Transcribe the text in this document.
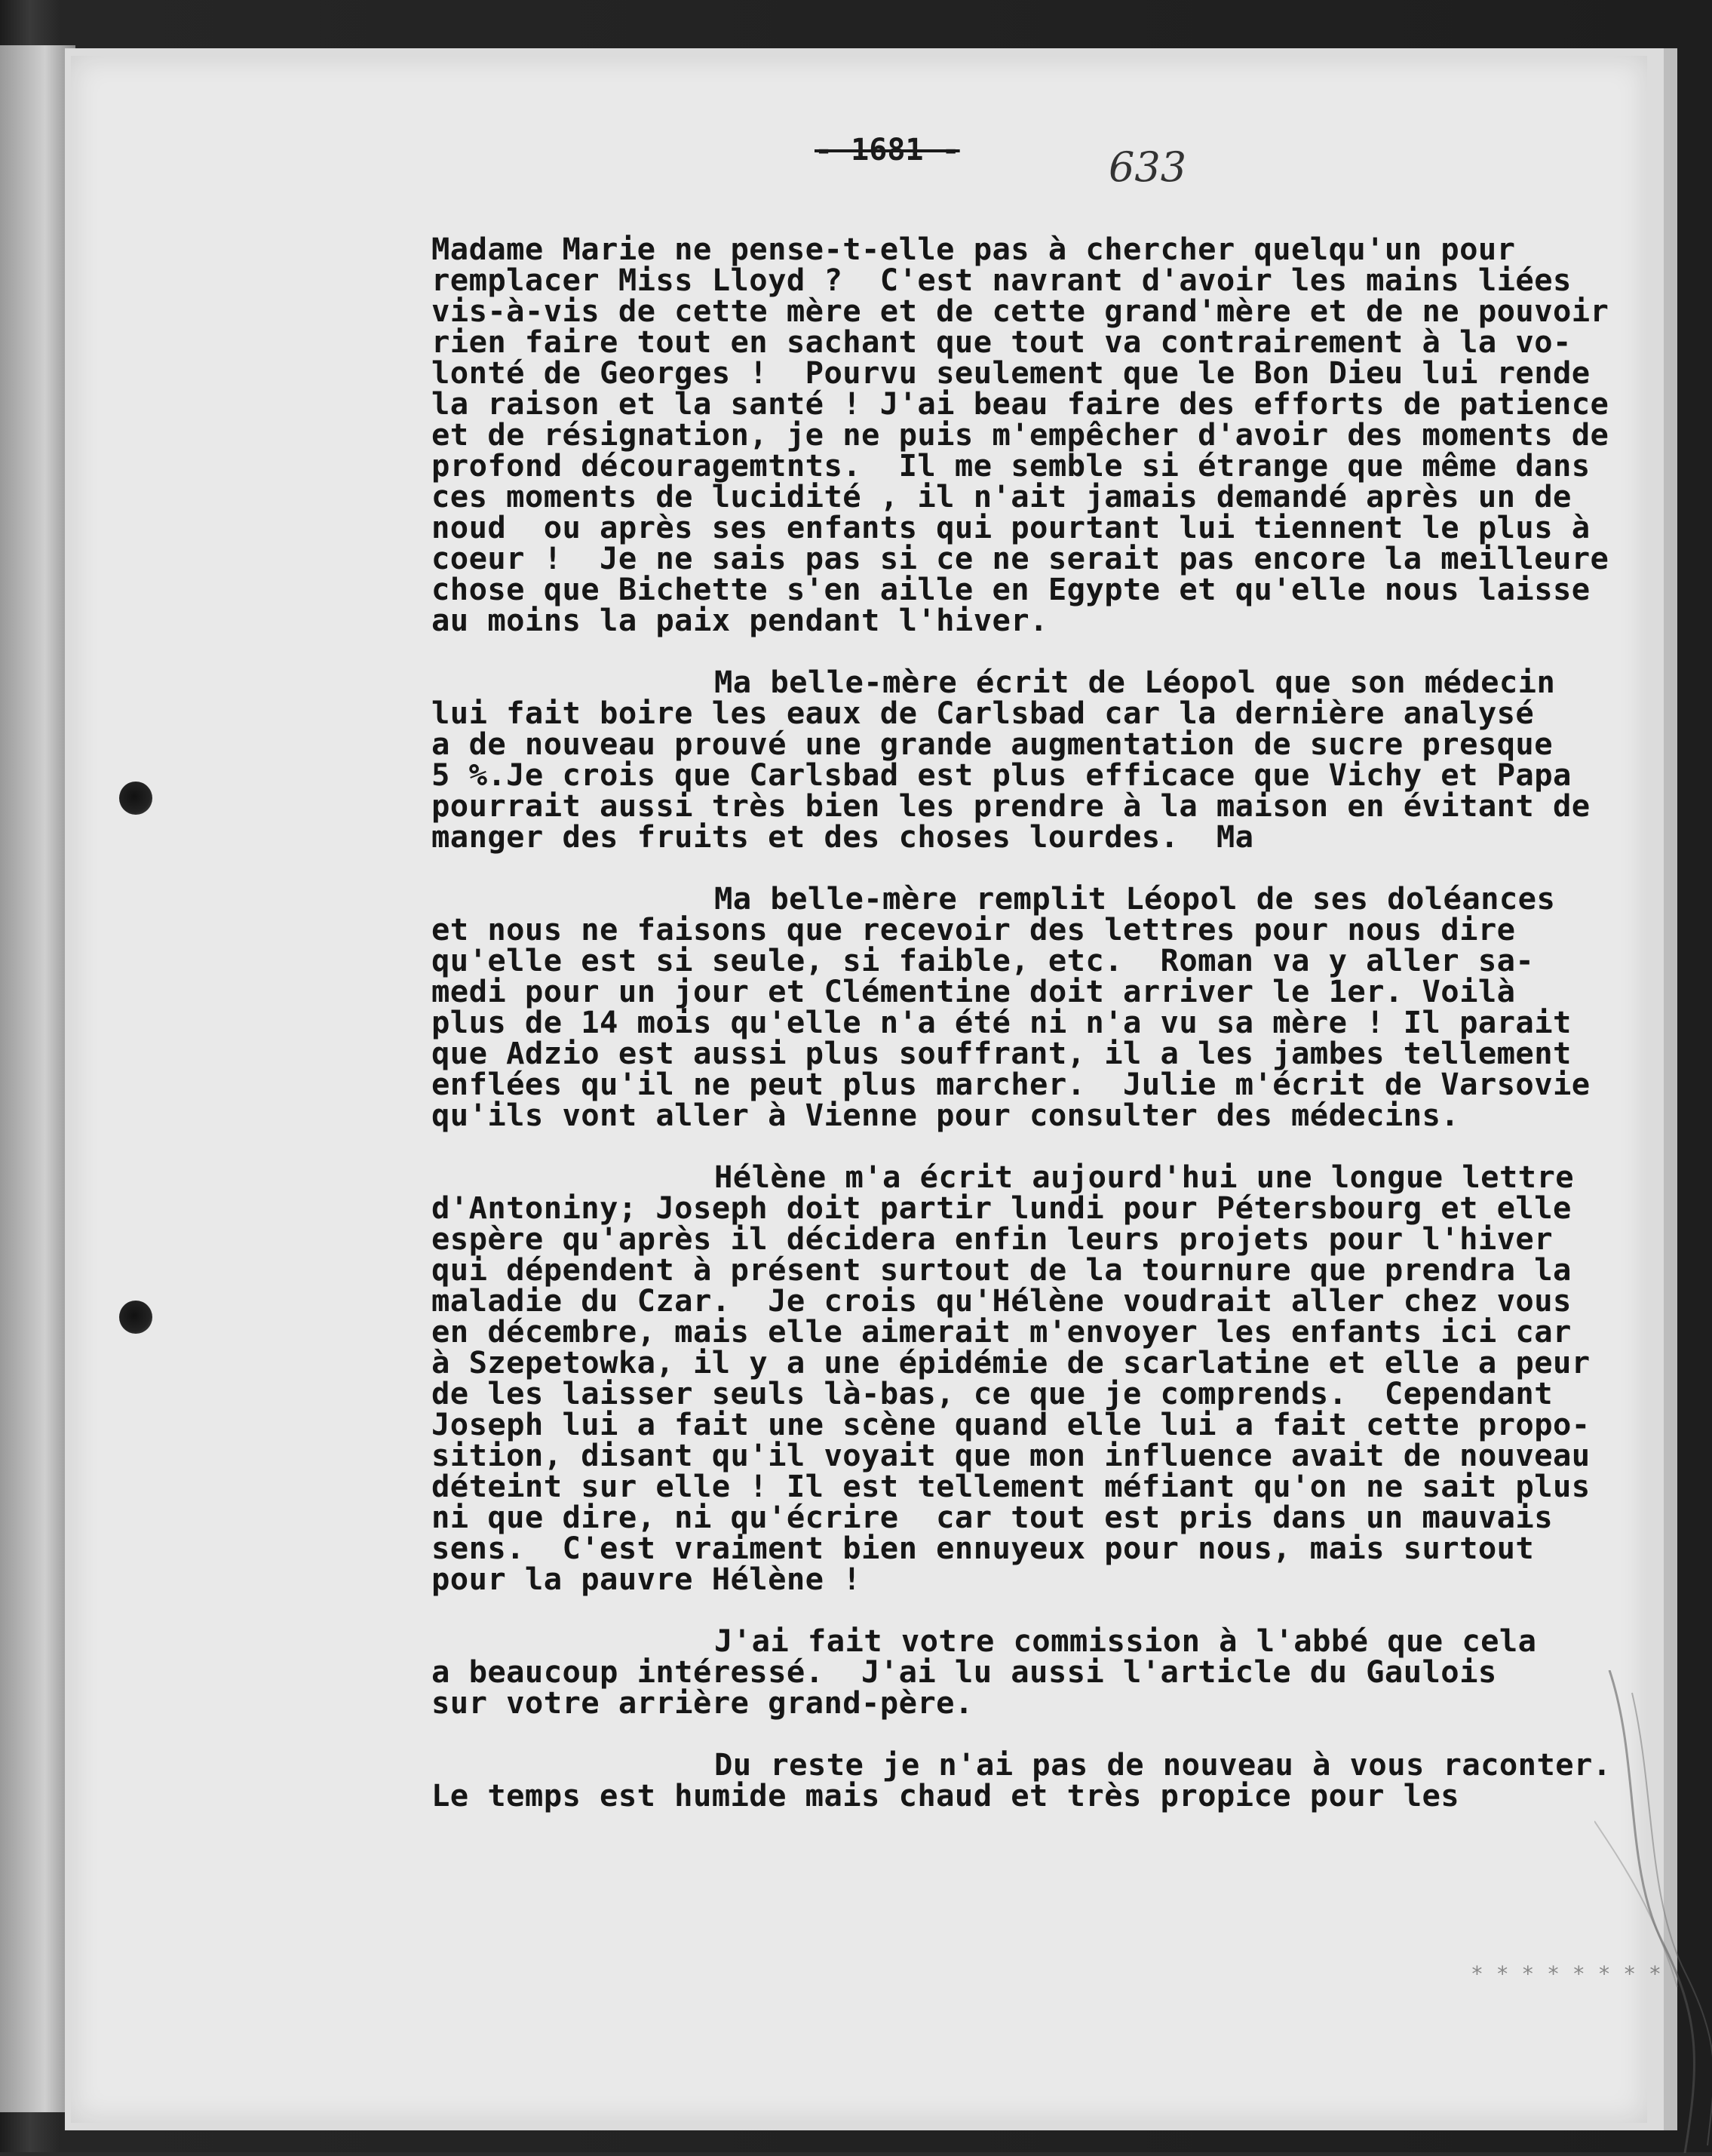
- 1681 -	633

Madame Marie ne pense-t-elle pas à chercher quelqu'un pour
remplacer Miss Lloyd ?  C'est navrant d'avoir les mains liées
vis-à-vis de cette mère et de cette grand'mère et de ne pouvoir
rien faire tout en sachant que tout va contrairement à la vo-
lonté de Georges !  Pourvu seulement que le Bon Dieu lui rende
la raison et la santé ! J'ai beau faire des efforts de patience
et de résignation, je ne puis m'empêcher d'avoir des moments de
profond découragemtnts.  Il me semble si étrange que même dans
ces moments de lucidité , il n'ait jamais demandé après un de
noud  ou après ses enfants qui pourtant lui tiennent le plus à
coeur !  Je ne sais pas si ce ne serait pas encore la meilleure
chose que Bichette s'en aille en Egypte et qu'elle nous laisse
au moins la paix pendant l'hiver.

Ma belle-mère écrit de Léopol que son médecin
lui fait boire les eaux de Carlsbad car la dernière analysé
a de nouveau prouvé une grande augmentation de sucre presque
5 %.Je crois que Carlsbad est plus efficace que Vichy et Papa
pourrait aussi très bien les prendre à la maison en évitant de
manger des fruits et des choses lourdes.  Ma

Ma belle-mère remplit Léopol de ses doléances
et nous ne faisons que recevoir des lettres pour nous dire
qu'elle est si seule, si faible, etc.  Roman va y aller sa-
medi pour un jour et Clémentine doit arriver le 1er. Voilà
plus de 14 mois qu'elle n'a été ni n'a vu sa mère ! Il parait
que Adzio est aussi plus souffrant, il a les jambes tellement
enflées qu'il ne peut plus marcher.  Julie m'écrit de Varsovie
qu'ils vont aller à Vienne pour consulter des médecins.

Hélène m'a écrit aujourd'hui une longue lettre
d'Antoniny; Joseph doit partir lundi pour Pétersbourg et elle
espère qu'après il décidera enfin leurs projets pour l'hiver
qui dépendent à présent surtout de la tournure que prendra la
maladie du Czar.  Je crois qu'Hélène voudrait aller chez vous
en décembre, mais elle aimerait m'envoyer les enfants ici car
à Szepetowka, il y a une épidémie de scarlatine et elle a peur
de les laisser seuls là-bas, ce que je comprends.  Cependant
Joseph lui a fait une scène quand elle lui a fait cette propo-
sition, disant qu'il voyait que mon influence avait de nouveau
déteint sur elle ! Il est tellement méfiant qu'on ne sait plus
ni que dire, ni qu'écrire  car tout est pris dans un mauvais
sens.  C'est vraiment bien ennuyeux pour nous, mais surtout
pour la pauvre Hélène !

J'ai fait votre commission à l'abbé que cela
a beaucoup intéressé.  J'ai lu aussi l'article du Gaulois
sur votre arrière grand-père.

Du reste je n'ai pas de nouveau à vous raconter.
Le temps est humide mais chaud et très propice pour les

* * * * * * * *
